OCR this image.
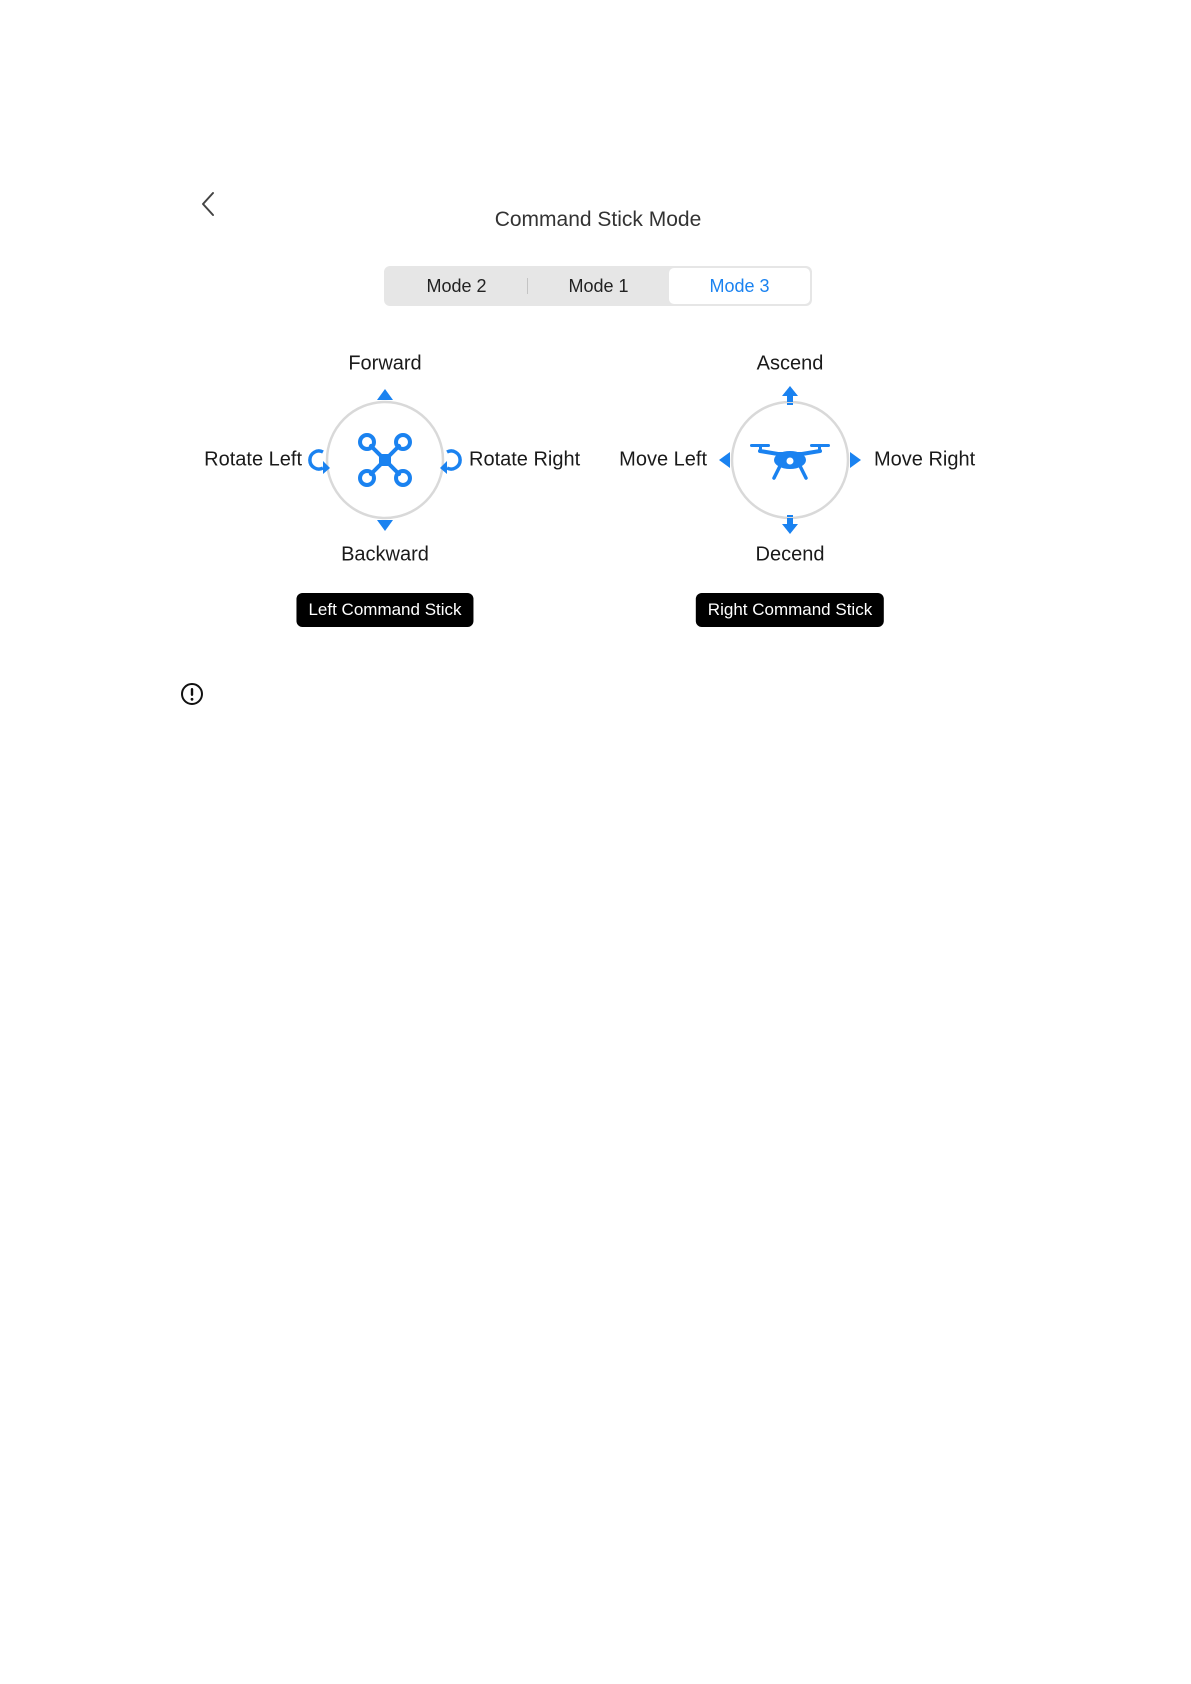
Command Stick Mode
Mode 2	Mode 1	Mode 3
Forward
Backward
Rotate Left	Rotate Right
Left Command Stick
Ascend
Decend
Move Left	Move Right
Right Command Stick
